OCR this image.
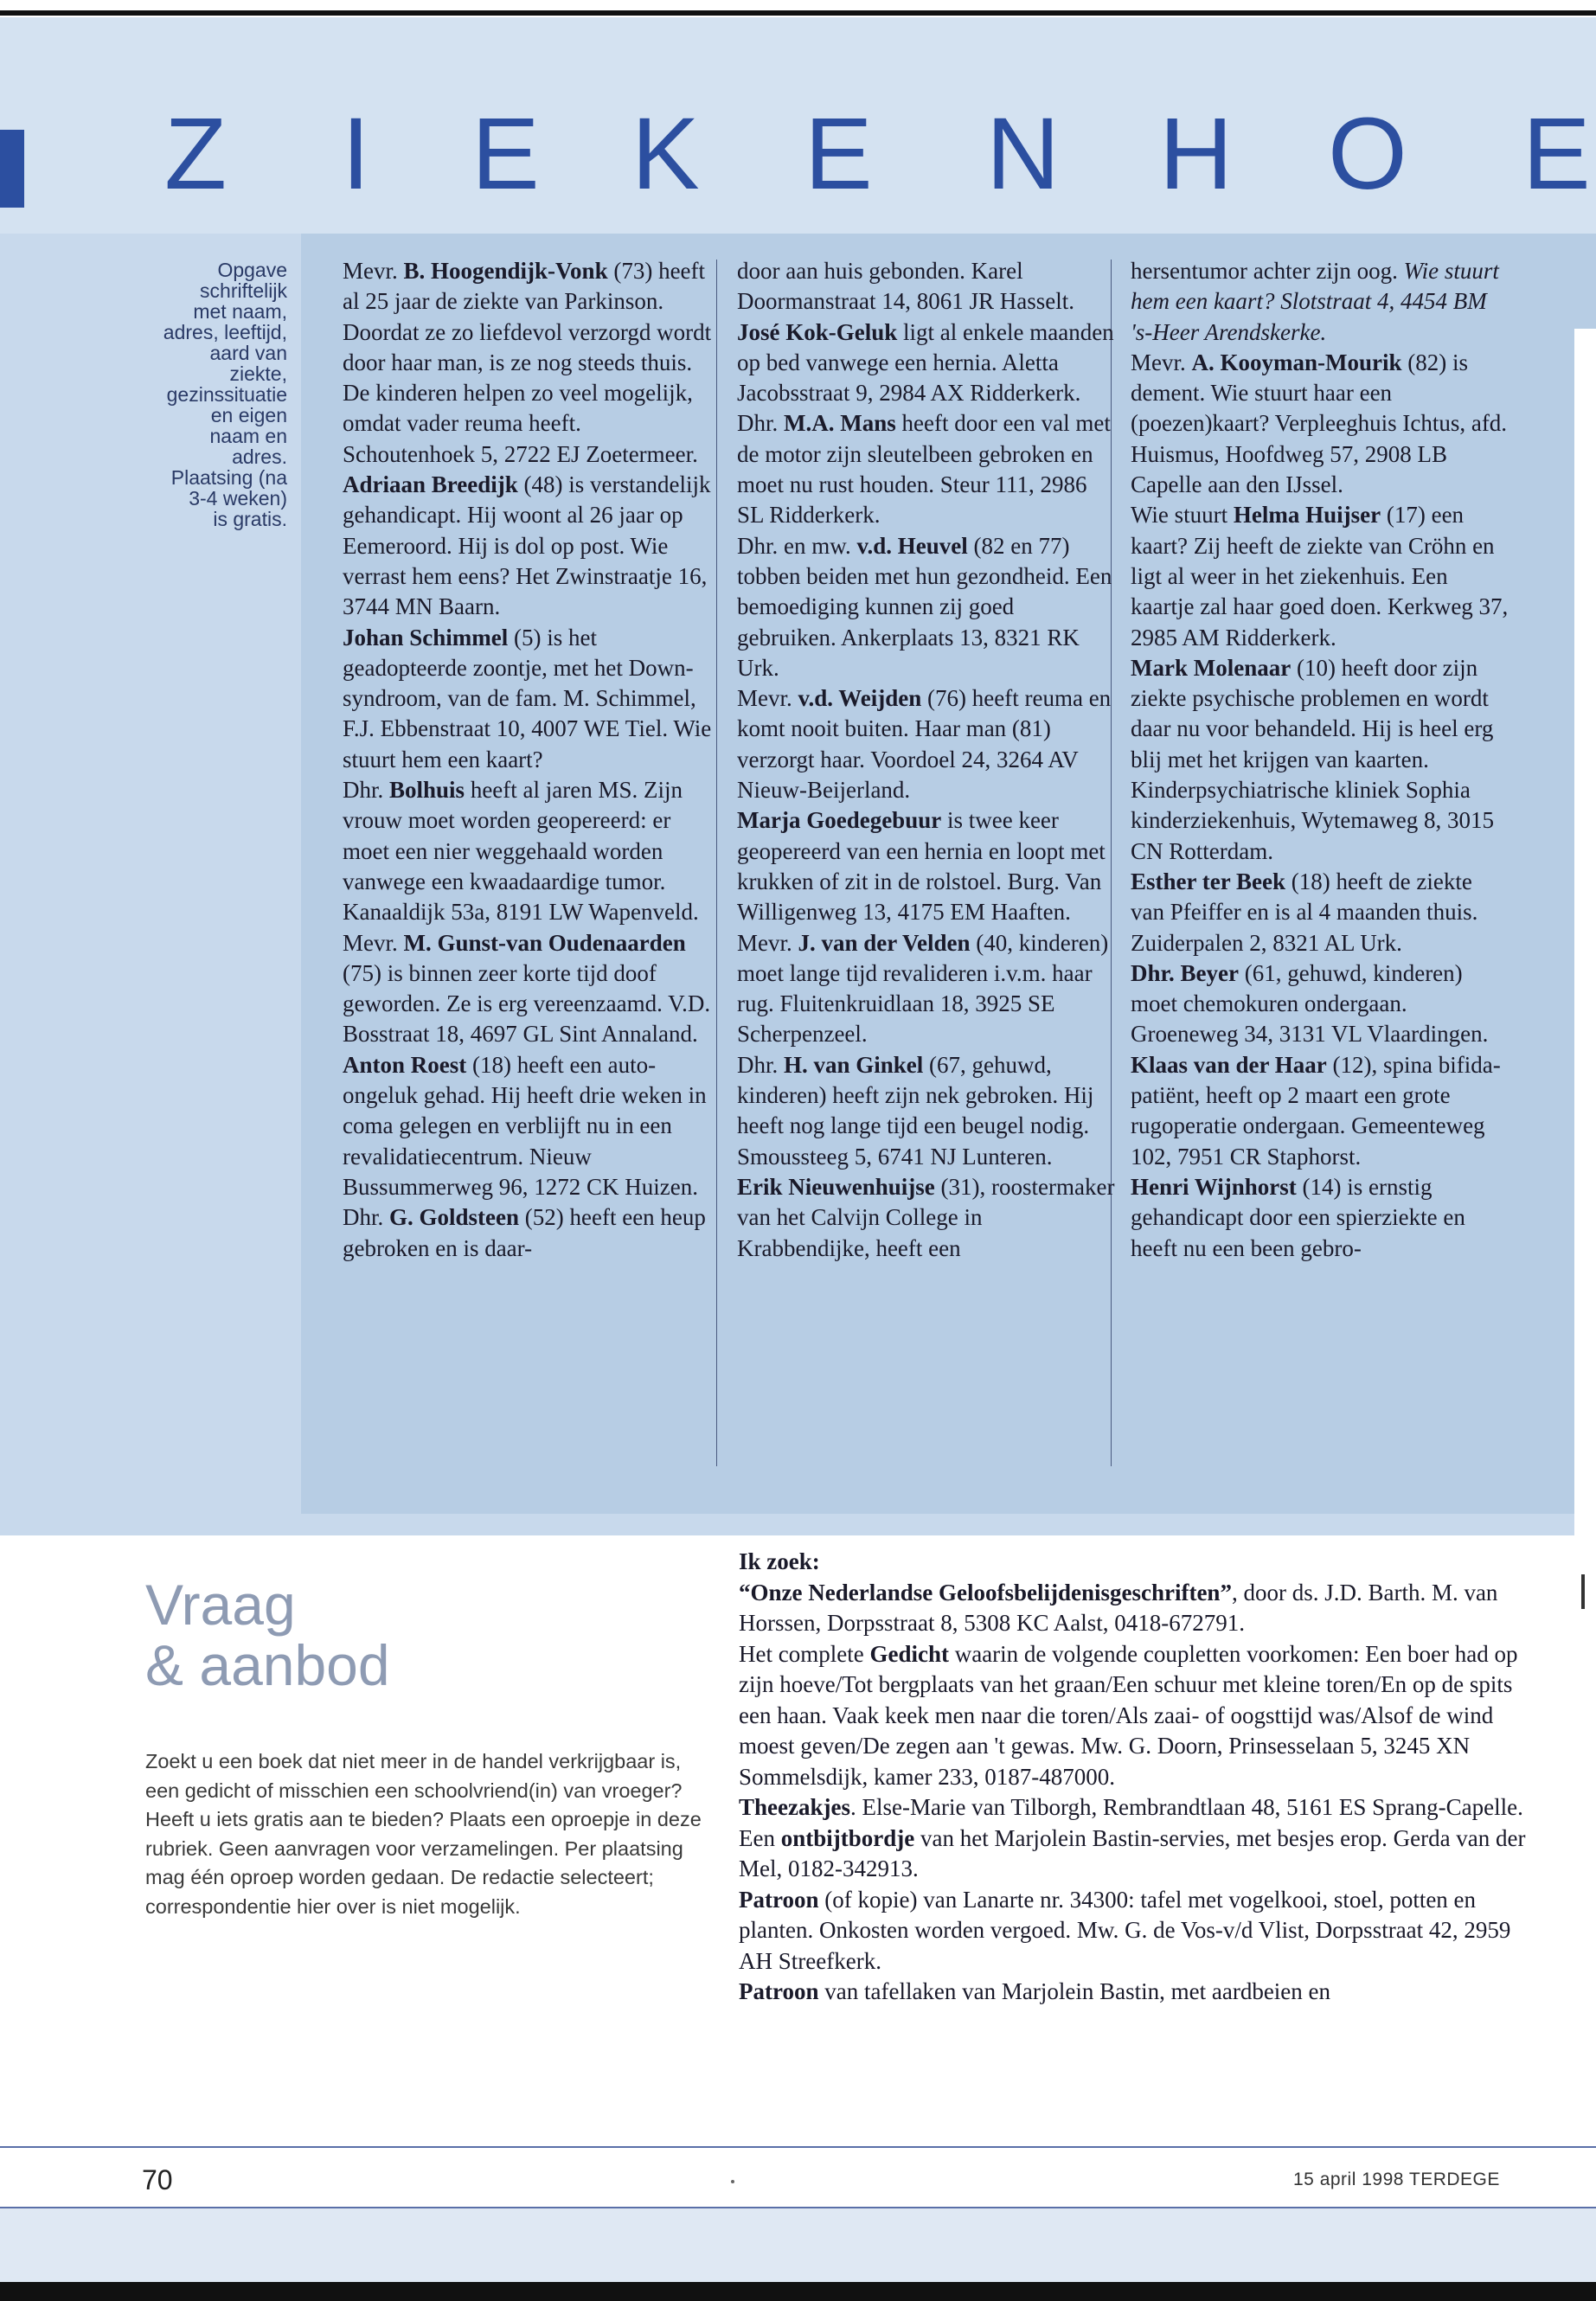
Z I E K E N H O E
Opgave
schriftelijk
met naam,
adres, leeftijd,
aard van
ziekte,
gezinssituatie
en eigen
naam en
adres.
Plaatsing (na
3-4 weken)
is gratis.

Mevr. B. Hoogendijk-Vonk (73) heeft al 25 jaar de ziekte van Parkinson. Doordat ze zo liefdevol verzorgd wordt door haar man, is ze nog steeds thuis. De kinderen helpen zo veel mogelijk, omdat vader reuma heeft. Schoutenhoek 5, 2722 EJ Zoetermeer.

Adriaan Breedijk (48) is verstandelijk gehandicapt. Hij woont al 26 jaar op Eemeroord. Hij is dol op post. Wie verrast hem eens? Het Zwinstraatje 16, 3744 MN Baarn.

Johan Schimmel (5) is het geadopteerde zoontje, met het Down-syndroom, van de fam. M. Schimmel, F.J. Ebbenstraat 10, 4007 WE Tiel. Wie stuurt hem een kaart?

Dhr. Bolhuis heeft al jaren MS. Zijn vrouw moet worden geopereerd: er moet een nier weggehaald worden vanwege een kwaadaardige tumor. Kanaaldijk 53a, 8191 LW Wapenveld.

Mevr. M. Gunst-van Oudenaarden (75) is binnen zeer korte tijd doof geworden. Ze is erg vereenzaamd. V.D. Bosstraat 18, 4697 GL Sint Annaland.

Anton Roest (18) heeft een auto-ongeluk gehad. Hij heeft drie weken in coma gelegen en verblijft nu in een revalidatiecentrum. Nieuw Bussummerweg 96, 1272 CK Huizen.

Dhr. G. Goldsteen (52) heeft een heup gebroken en is daar-

door aan huis gebonden. Karel Doormanstraat 14, 8061 JR Hasselt.

José Kok-Geluk ligt al enkele maanden op bed vanwege een hernia. Aletta Jacobsstraat 9, 2984 AX Ridderkerk.

Dhr. M.A. Mans heeft door een val met de motor zijn sleutelbeen gebroken en moet nu rust houden. Steur 111, 2986 SL Ridderkerk.

Dhr. en mw. v.d. Heuvel (82 en 77) tobben beiden met hun gezondheid. Een bemoediging kunnen zij goed gebruiken. Ankerplaats 13, 8321 RK Urk.

Mevr. v.d. Weijden (76) heeft reuma en komt nooit buiten. Haar man (81) verzorgt haar. Voordoel 24, 3264 AV Nieuw-Beijerland.

Marja Goedegebuur is twee keer geopereerd van een hernia en loopt met krukken of zit in de rolstoel. Burg. Van Willigenweg 13, 4175 EM Haaften.

Mevr. J. van der Velden (40, kinderen) moet lange tijd revalideren i.v.m. haar rug. Fluitenkruidlaan 18, 3925 SE Scherpenzeel.

Dhr. H. van Ginkel (67, gehuwd, kinderen) heeft zijn nek gebroken. Hij heeft nog lange tijd een beugel nodig. Smoussteeg 5, 6741 NJ Lunteren.

Erik Nieuwenhuijse (31), roostermaker van het Calvijn College in Krabbendijke, heeft een

hersentumor achter zijn oog. Wie stuurt hem een kaart? Slotstraat 4, 4454 BM 's-Heer Arendskerke.

Mevr. A. Kooyman-Mourik (82) is dement. Wie stuurt haar een (poezen)kaart? Verpleeghuis Ichtus, afd. Huismus, Hoofdweg 57, 2908 LB Capelle aan den IJssel.

Wie stuurt Helma Huijser (17) een kaart? Zij heeft de ziekte van Cröhn en ligt al weer in het ziekenhuis. Een kaartje zal haar goed doen. Kerkweg 37, 2985 AM Ridderkerk.

Mark Molenaar (10) heeft door zijn ziekte psychische problemen en wordt daar nu voor behandeld. Hij is heel erg blij met het krijgen van kaarten. Kinderpsychiatrische kliniek Sophia kinderziekenhuis, Wytemaweg 8, 3015 CN Rotterdam.

Esther ter Beek (18) heeft de ziekte van Pfeiffer en is al 4 maanden thuis. Zuiderpalen 2, 8321 AL Urk.

Dhr. Beyer (61, gehuwd, kinderen) moet chemokuren ondergaan. Groeneweg 34, 3131 VL Vlaardingen.

Klaas van der Haar (12), spina bifida-patiënt, heeft op 2 maart een grote rugoperatie ondergaan. Gemeenteweg 102, 7951 CR Staphorst.

Henri Wijnhorst (14) is ernstig gehandicapt door een spierziekte en heeft nu een been gebro-

Vraag
& aanbod
Zoekt u een boek dat niet meer in de handel verkrijgbaar is, een gedicht of misschien een schoolvriend(in) van vroeger? Heeft u iets gratis aan te bieden? Plaats een oproepje in deze rubriek. Geen aanvragen voor verzamelingen. Per plaatsing mag één oproep worden gedaan. De redactie selecteert; correspondentie hier over is niet mogelijk.

Ik zoek:

“Onze Nederlandse Geloofsbelijdenisgeschriften”, door ds. J.D. Barth. M. van Horssen, Dorpsstraat 8, 5308 KC Aalst, 0418-672791.

Het complete Gedicht waarin de volgende coupletten voorkomen: Een boer had op zijn hoeve/Tot bergplaats van het graan/Een schuur met kleine toren/En op de spits een haan. Vaak keek men naar die toren/Als zaai- of oogsttijd was/Alsof de wind moest geven/De zegen aan 't gewas. Mw. G. Doorn, Prinsesselaan 5, 3245 XN Sommelsdijk, kamer 233, 0187-487000.

Theezakjes. Else-Marie van Tilborgh, Rembrandtlaan 48, 5161 ES Sprang-Capelle.

Een ontbijtbordje van het Marjolein Bastin-servies, met besjes erop. Gerda van der Mel, 0182-342913.

Patroon (of kopie) van Lanarte nr. 34300: tafel met vogelkooi, stoel, potten en planten. Onkosten worden vergoed. Mw. G. de Vos-v/d Vlist, Dorpsstraat 42, 2959 AH Streefkerk.

Patroon van tafellaken van Marjolein Bastin, met aardbeien en

70	15 april 1998 TERDEGE
